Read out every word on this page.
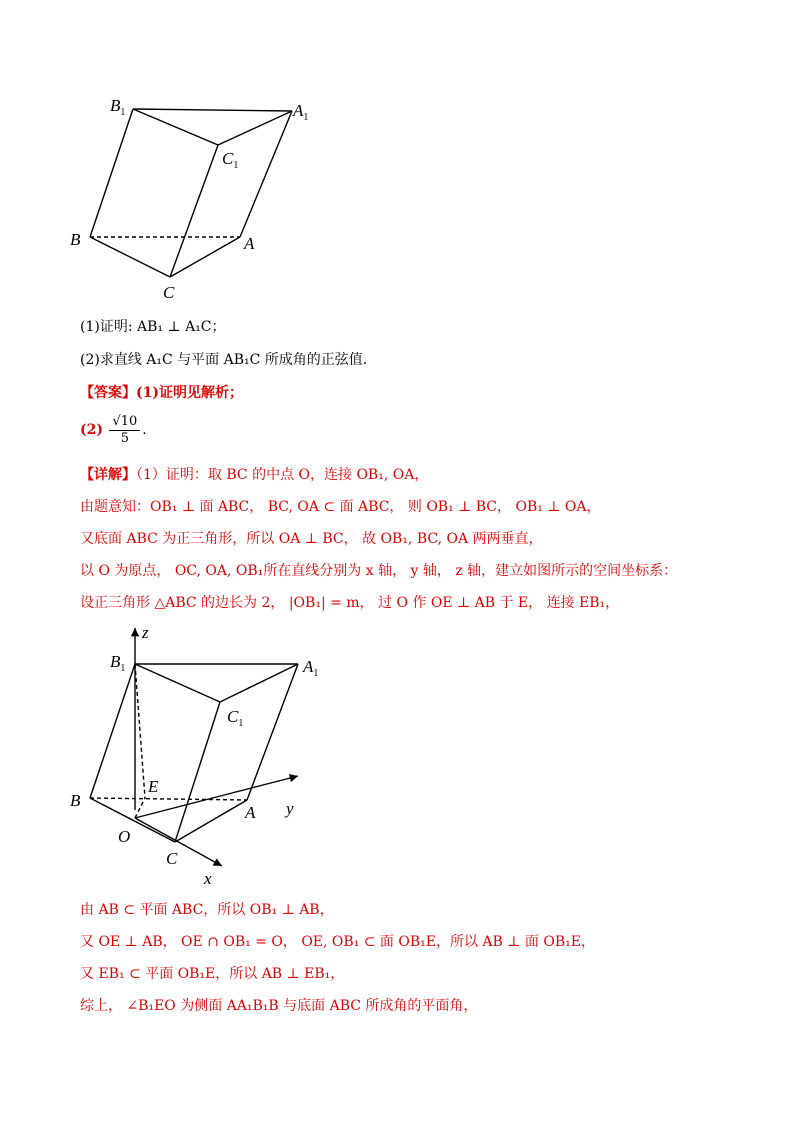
$B_1$	$A_1$
$C_1$
B	A
C
(1)证明: AB₁ ⊥ A₁C；
(2)求直线 A₁C 与平面 AB₁C 所成角的正弦值.
【答案】(1)证明见解析；
$(2) \frac{√10}{5}$ .
【详解】（1）证明：取 BC 的中点 O，连接 OB₁, OA，
由题意知：OB₁ ⊥ 面 ABC， BC, OA ⊂ 面 ABC， 则 OB₁ ⊥ BC， OB₁ ⊥ OA，
又底面 ABC 为正三角形，所以 OA ⊥ BC， 故 OB₁, BC, OA 两两垂直，
以 O 为原点， OC, OA, OB₁所在直线分别为 x 轴， y 轴， z 轴，建立如图所示的空间坐标系：
设正三角形 △ABC 的边长为 2， |OB₁| = m， 过 O 作 OE ⊥ AB 于 E， 连接 EB₁，
z
y
x
$B_1$	$A_1$
$C_1$
E
B
A
O
C
由 AB ⊂ 平面 ABC，所以 OB₁ ⊥ AB，
又 OE ⊥ AB， OE ∩ OB₁ = O， OE, OB₁ ⊂ 面 OB₁E，所以 AB ⊥ 面 OB₁E，
又 EB₁ ⊂ 平面 OB₁E，所以 AB ⊥ EB₁，
综上， ∠B₁EO 为侧面 AA₁B₁B 与底面 ABC 所成角的平面角，
